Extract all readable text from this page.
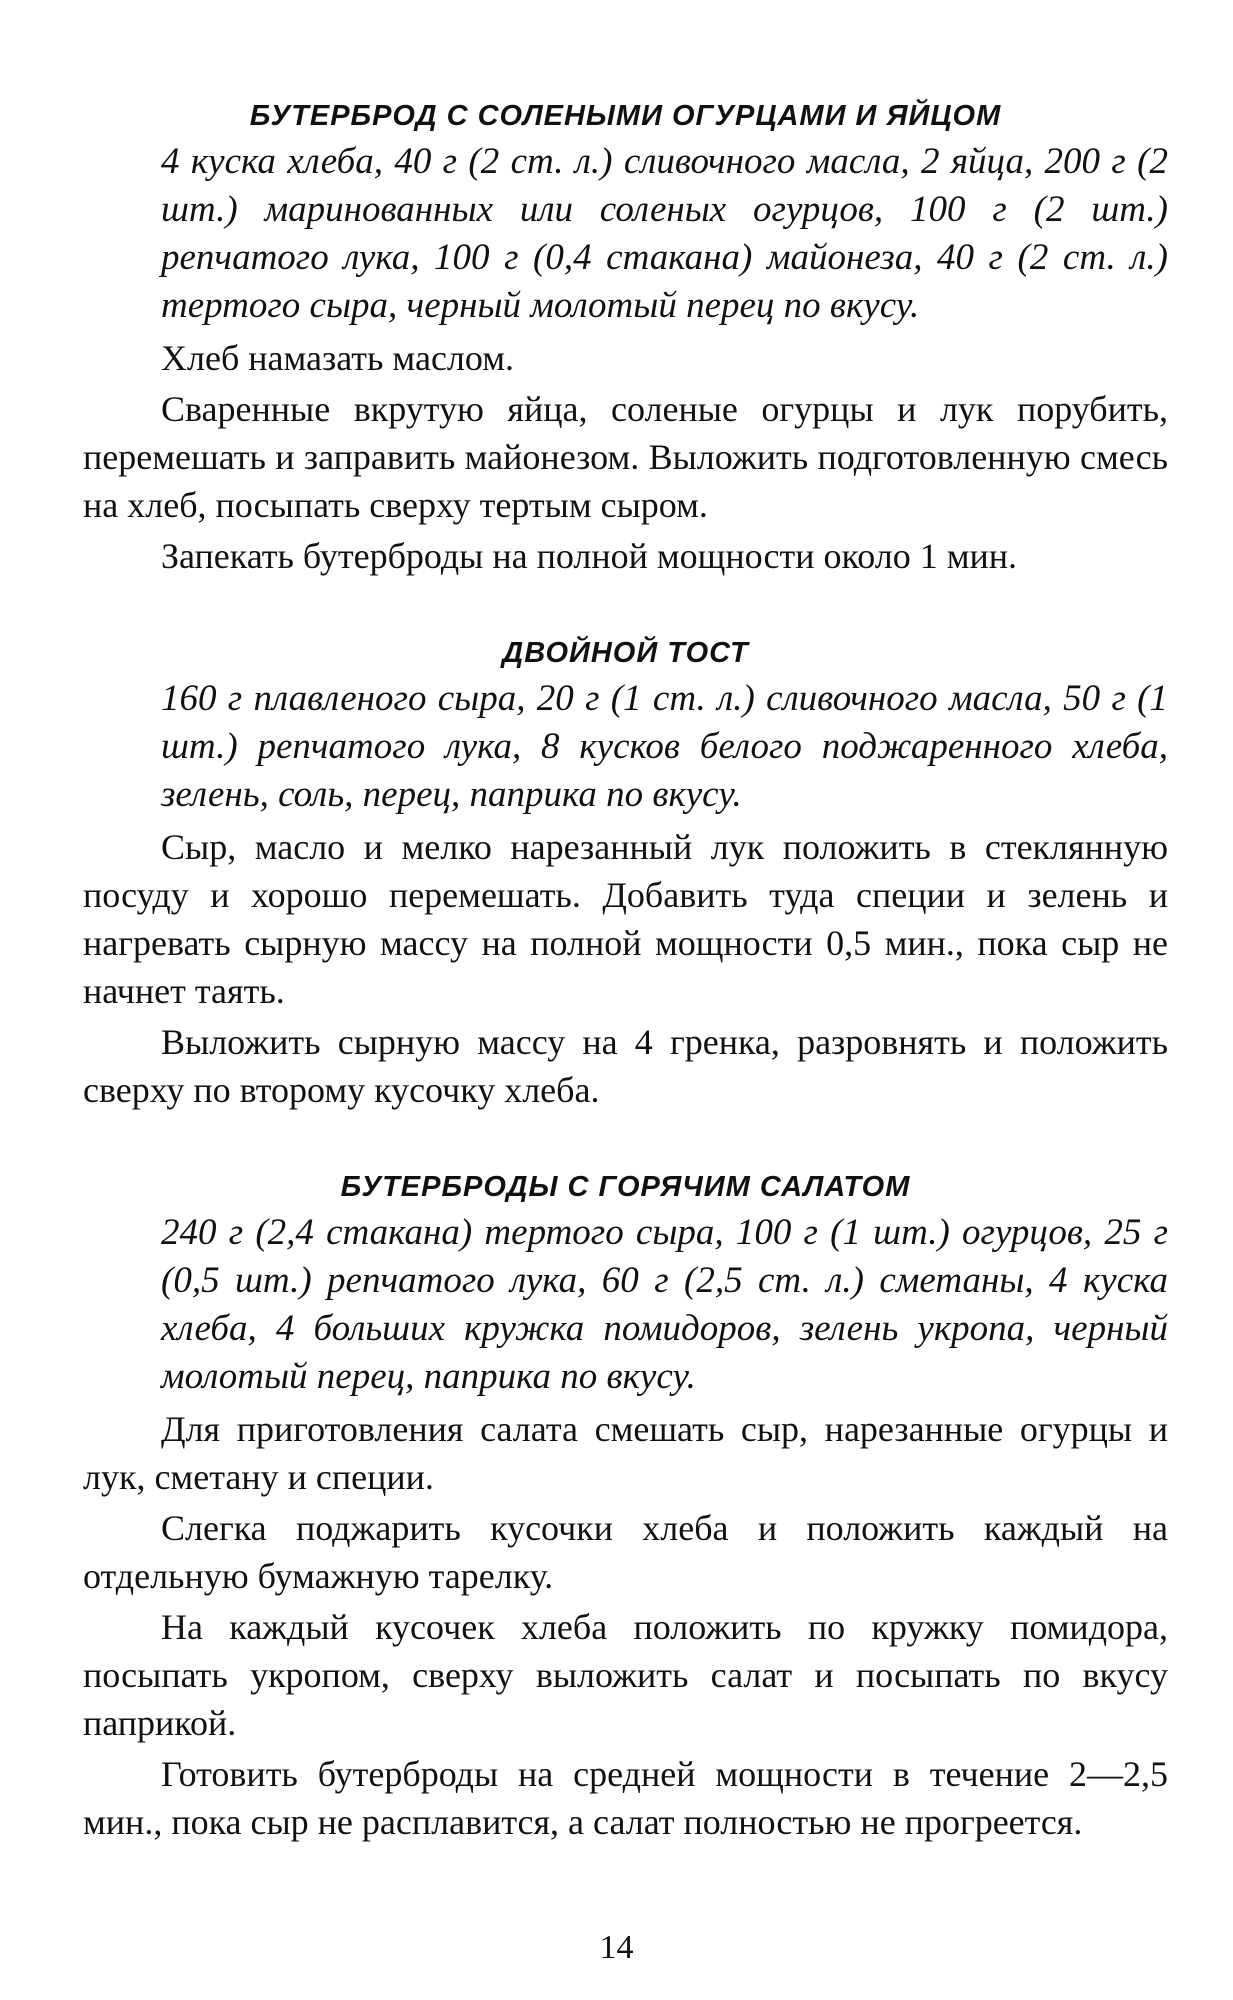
БУТЕРБРОД С СОЛЕНЫМИ ОГУРЦАМИ И ЯЙЦОМ

4 куска хлеба, 40 г (2 ст. л.) сливочного масла, 2 яйца, 200 г (2 шт.) маринованных или соленых огурцов, 100 г (2 шт.) репчатого лука, 100 г (0,4 стакана) майонеза, 40 г (2 ст. л.) тертого сыра, черный молотый перец по вкусу.

Хлеб намазать маслом.

Сваренные вкрутую яйца, соленые огурцы и лук порубить, перемешать и заправить майонезом. Выложить подготовленную смесь на хлеб, посыпать сверху тертым сыром.

Запекать бутерброды на полной мощности около 1 мин.

ДВОЙНОЙ ТОСТ

160 г плавленого сыра, 20 г (1 ст. л.) сливочного масла, 50 г (1 шт.) репчатого лука, 8 кусков белого поджаренного хлеба, зелень, соль, перец, паприка по вкусу.

Сыр, масло и мелко нарезанный лук положить в стеклянную посуду и хорошо перемешать. Добавить туда специи и зелень и нагревать сырную массу на полной мощности 0,5 мин., пока сыр не начнет таять.

Выложить сырную массу на 4 гренка, разровнять и положить сверху по второму кусочку хлеба.

БУТЕРБРОДЫ С ГОРЯЧИМ САЛАТОМ

240 г (2,4 стакана) тертого сыра, 100 г (1 шт.) огурцов, 25 г (0,5 шт.) репчатого лука, 60 г (2,5 ст. л.) сметаны, 4 куска хлеба, 4 больших кружка помидоров, зелень укропа, черный молотый перец, паприка по вкусу.

Для приготовления салата смешать сыр, нарезанные огурцы и лук, сметану и специи.

Слегка поджарить кусочки хлеба и положить каждый на отдельную бумажную тарелку.

На каждый кусочек хлеба положить по кружку помидора, посыпать укропом, сверху выложить салат и посыпать по вкусу паприкой.

Готовить бутерброды на средней мощности в течение 2—2,5 мин., пока сыр не расплавится, а салат полностью не прогреется.

14
